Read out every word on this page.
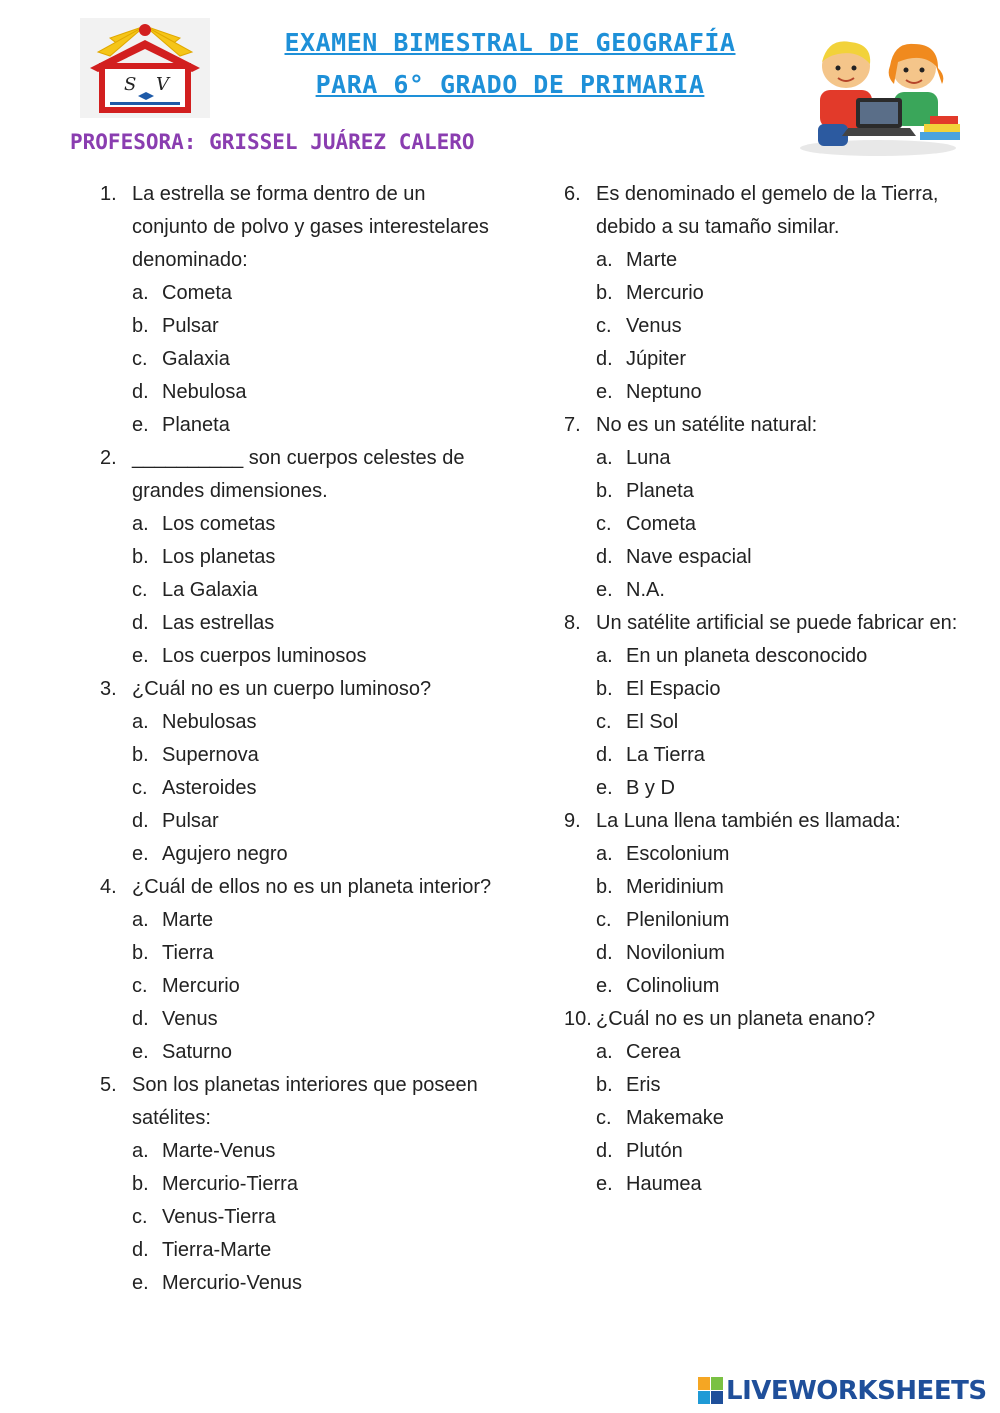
S V
EXAMEN BIMESTRAL DE GEOGRAFÍA
PARA 6° GRADO DE PRIMARIA
PROFESORA: GRISSEL JUÁREZ CALERO
1. La estrella se forma dentro de un conjunto de polvo y gases interestelares denominado:
a. Cometa
b. Pulsar
c. Galaxia
d. Nebulosa
e. Planeta
2. __________ son cuerpos celestes de grandes dimensiones.
a. Los cometas
b. Los planetas
c. La Galaxia
d. Las estrellas
e. Los cuerpos luminosos
3. ¿Cuál no es un cuerpo luminoso?
a. Nebulosas
b. Supernova
c. Asteroides
d. Pulsar
e. Agujero negro
4. ¿Cuál de ellos no es un planeta interior?
a. Marte
b. Tierra
c. Mercurio
d. Venus
e. Saturno
5. Son los planetas interiores que poseen satélites:
a. Marte-Venus
b. Mercurio-Tierra
c. Venus-Tierra
d. Tierra-Marte
e. Mercurio-Venus
6. Es denominado el gemelo de la Tierra, debido a su tamaño similar.
a. Marte
b. Mercurio
c. Venus
d. Júpiter
e. Neptuno
7. No es un satélite natural:
a. Luna
b. Planeta
c. Cometa
d. Nave espacial
e. N.A.
8. Un satélite artificial se puede fabricar en:
a. En un planeta desconocido
b. El Espacio
c. El Sol
d. La Tierra
e. B y D
9. La Luna llena también es llamada:
a. Escolonium
b. Meridinium
c. Plenilonium
d. Novilonium
e. Colinolium
10. ¿Cuál no es un planeta enano?
a. Cerea
b. Eris
c. Makemake
d. Plutón
e. Haumea
LIVEWORKSHEETS
